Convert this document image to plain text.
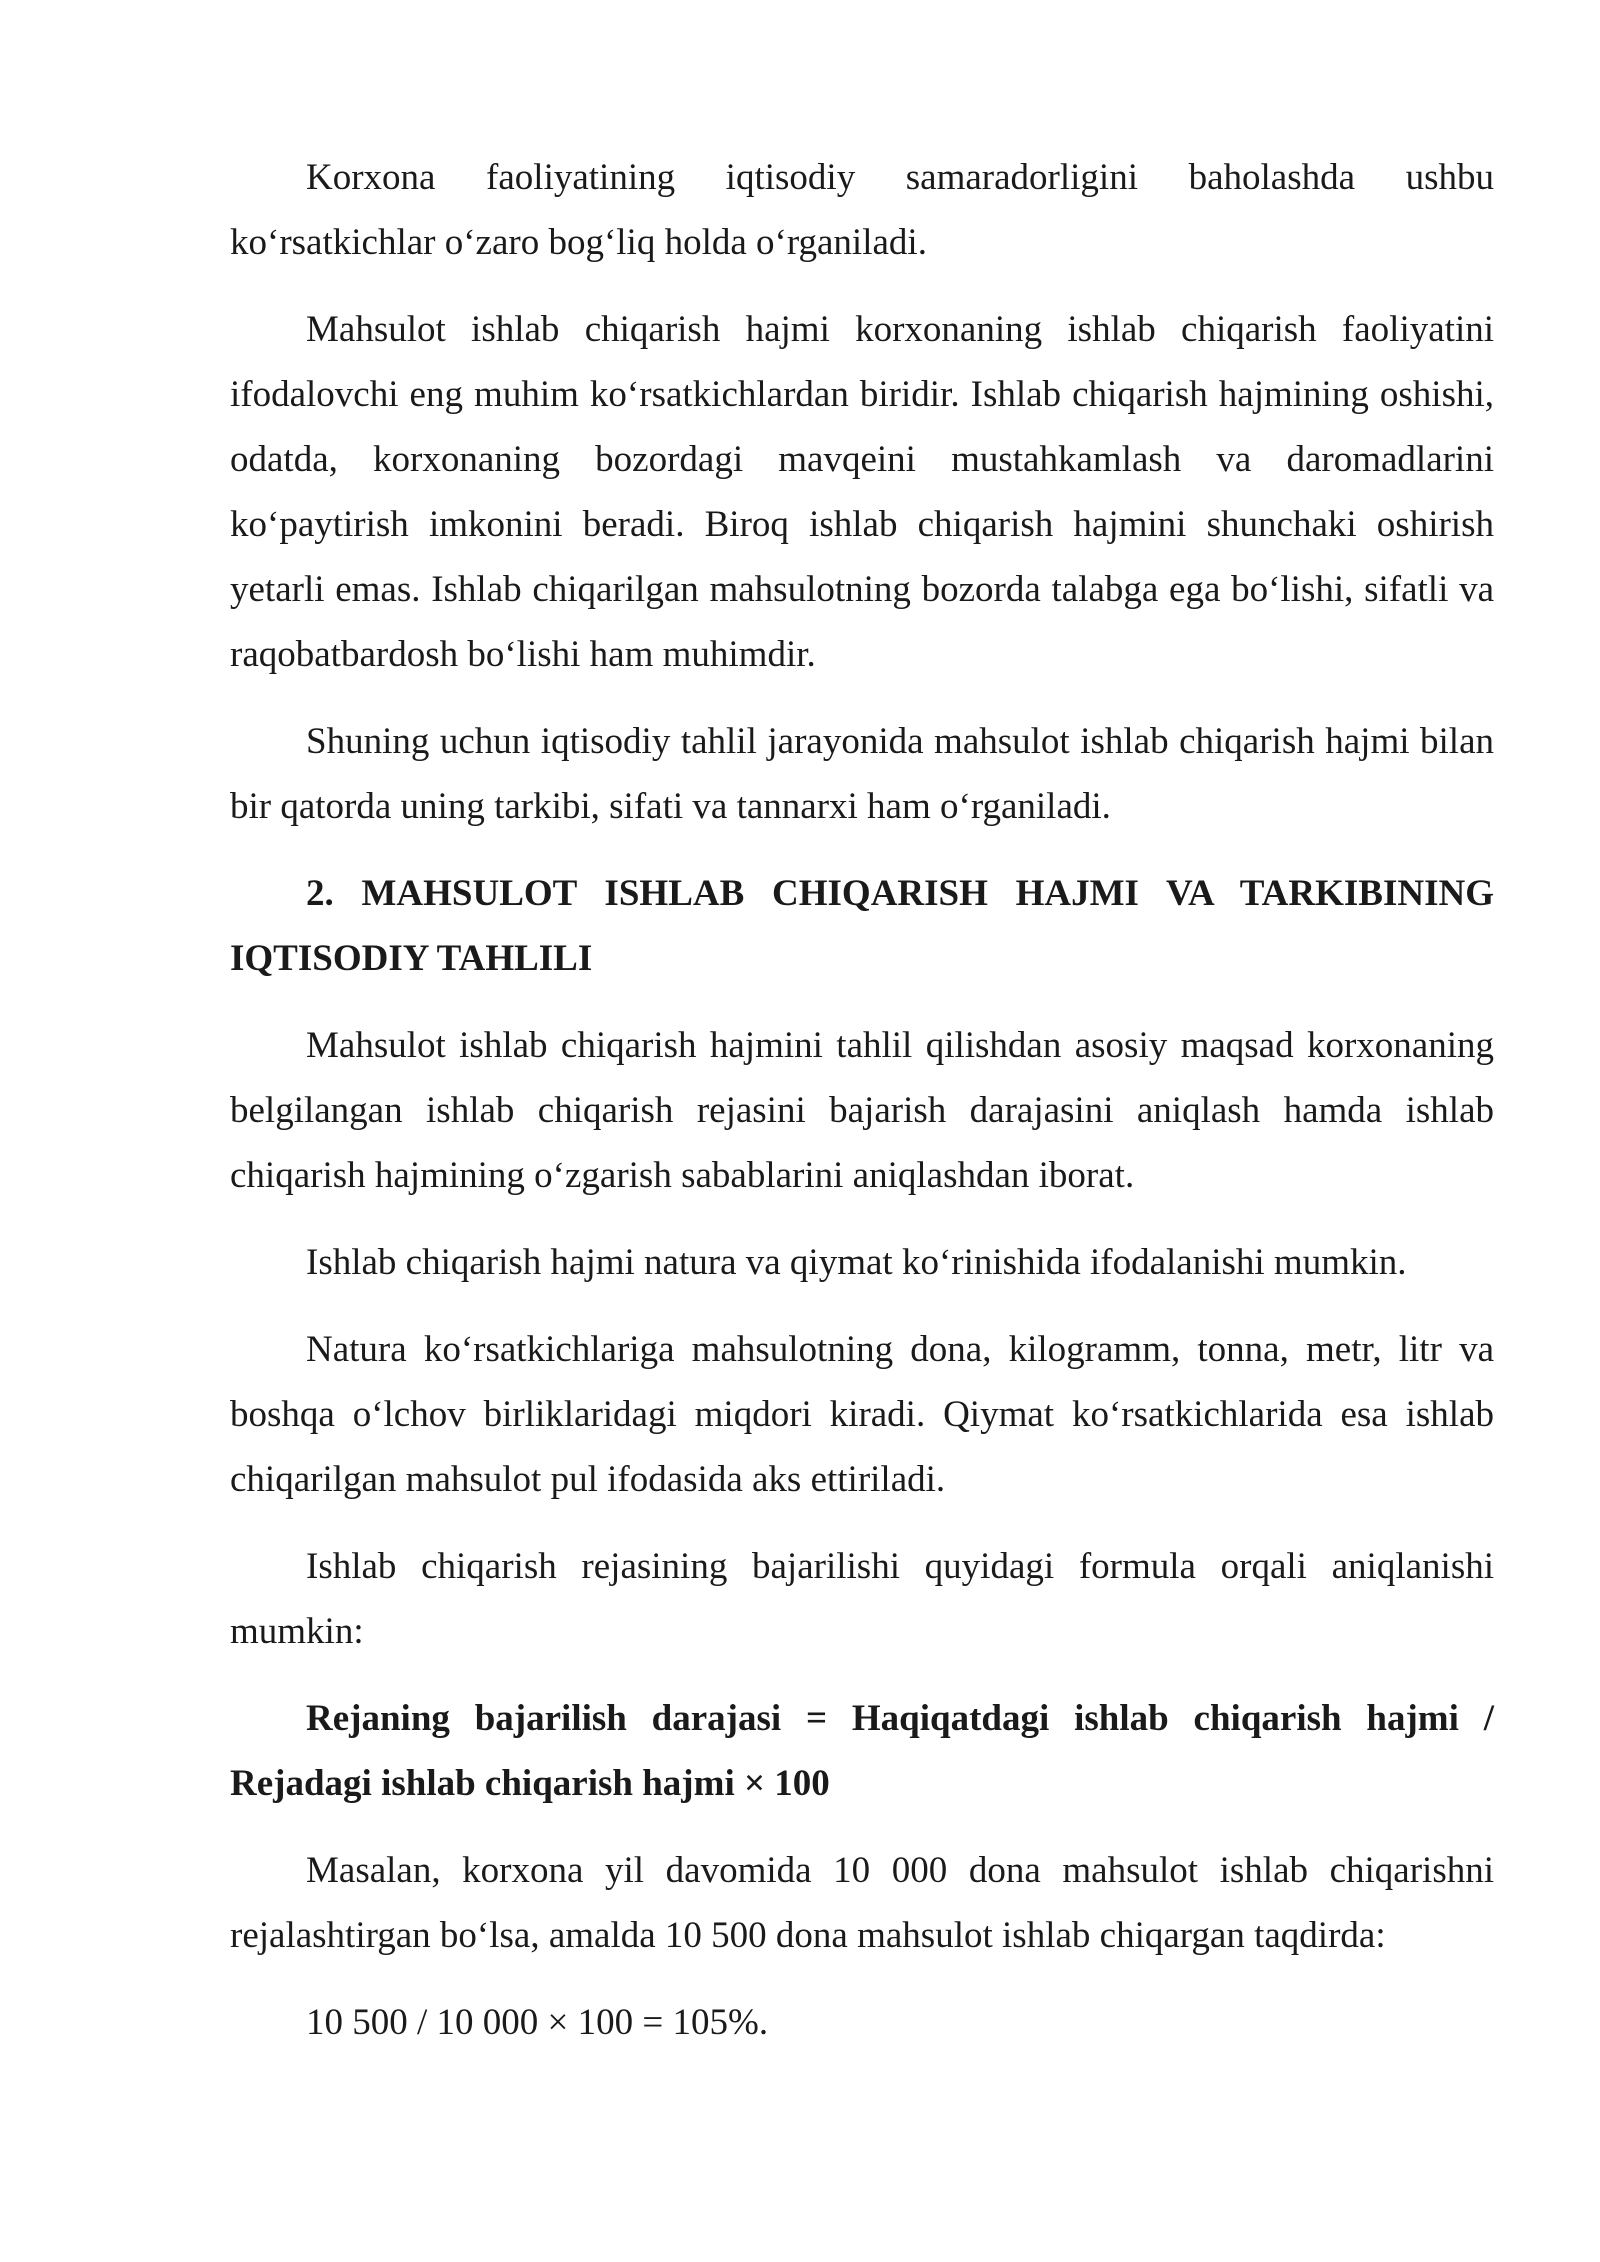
Korxona faoliyatining iqtisodiy samaradorligini baholashda ushbu koʻrsatkichlar oʻzaro bogʻliq holda oʻrganiladi.

Mahsulot ishlab chiqarish hajmi korxonaning ishlab chiqarish faoliyatini ifodalovchi eng muhim koʻrsatkichlardan biridir. Ishlab chiqarish hajmining oshishi, odatda, korxonaning bozordagi mavqeini mustahkamlash va daromadlarini koʻpaytirish imkonini beradi. Biroq ishlab chiqarish hajmini shunchaki oshirish yetarli emas. Ishlab chiqarilgan mahsulotning bozorda talabga ega boʻlishi, sifatli va raqobatbardosh boʻlishi ham muhimdir.

Shuning uchun iqtisodiy tahlil jarayonida mahsulot ishlab chiqarish hajmi bilan bir qatorda uning tarkibi, sifati va tannarxi ham oʻrganiladi.

2. MAHSULOT ISHLAB CHIQARISH HAJMI VA TARKIBINING IQTISODIY TAHLILI

Mahsulot ishlab chiqarish hajmini tahlil qilishdan asosiy maqsad korxonaning belgilangan ishlab chiqarish rejasini bajarish darajasini aniqlash hamda ishlab chiqarish hajmining oʻzgarish sabablarini aniqlashdan iborat.

Ishlab chiqarish hajmi natura va qiymat koʻrinishida ifodalanishi mumkin.

Natura koʻrsatkichlariga mahsulotning dona, kilogramm, tonna, metr, litr va boshqa oʻlchov birliklaridagi miqdori kiradi. Qiymat koʻrsatkichlarida esa ishlab chiqarilgan mahsulot pul ifodasida aks ettiriladi.

Ishlab chiqarish rejasining bajarilishi quyidagi formula orqali aniqlanishi mumkin:

Rejaning bajarilish darajasi = Haqiqatdagi ishlab chiqarish hajmi / Rejadagi ishlab chiqarish hajmi × 100

Masalan, korxona yil davomida 10 000 dona mahsulot ishlab chiqarishni rejalashtirgan boʻlsa, amalda 10 500 dona mahsulot ishlab chiqargan taqdirda:

10 500 / 10 000 × 100 = 105%.
